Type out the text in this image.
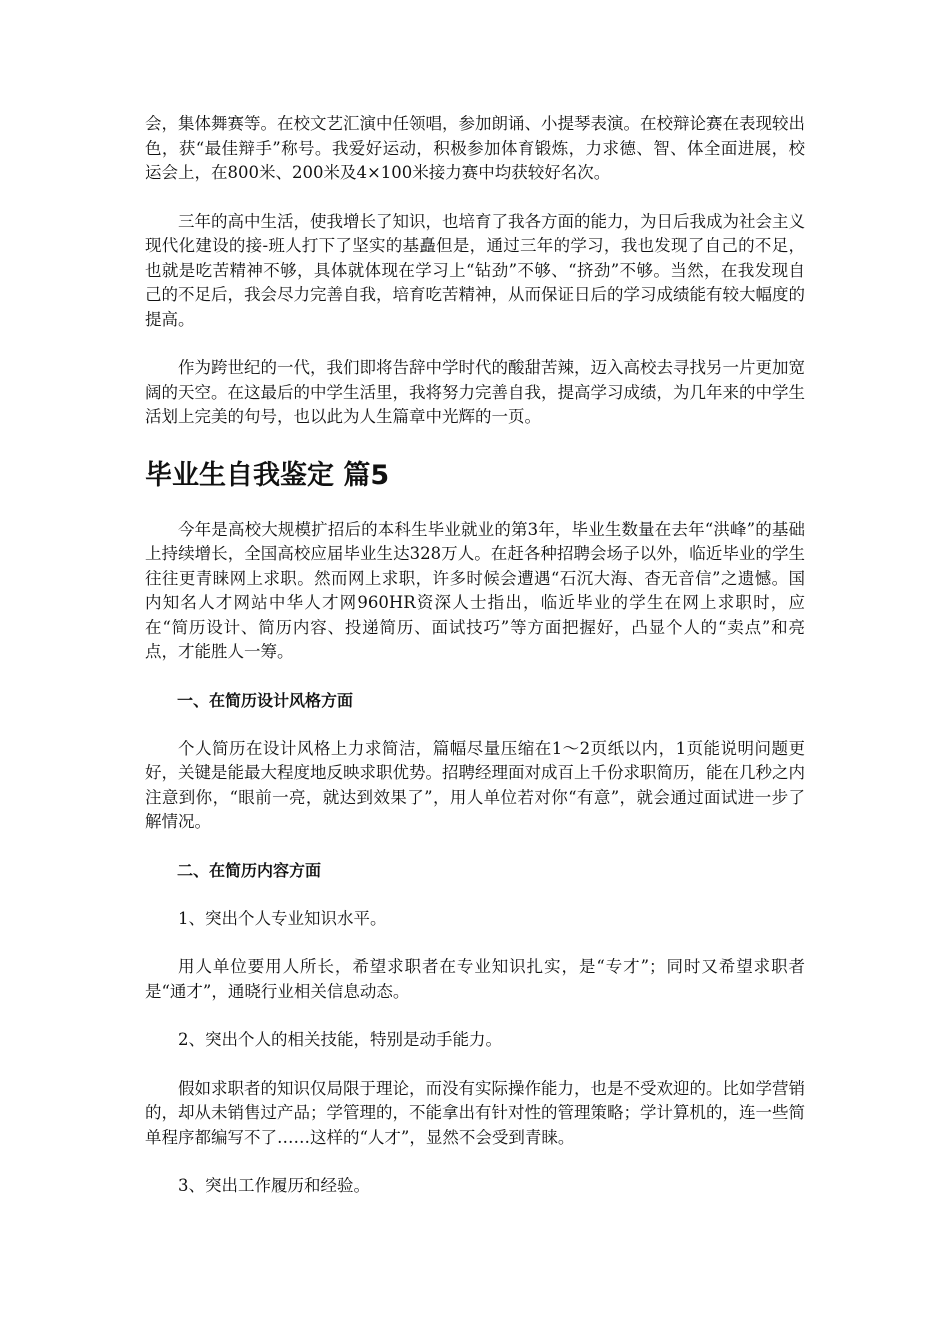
会，集体舞赛等。在校文艺汇演中任领唱，参加朗诵、小提琴表演。在校辩论赛在表现较出色，获“最佳辩手”称号。我爱好运动，积极参加体育锻炼，力求德、智、体全面进展，校运会上，在800米、200米及4×100米接力赛中均获较好名次。

三年的高中生活，使我增长了知识，也培育了我各方面的能力，为日后我成为社会主义现代化建设的接-班人打下了坚实的基矗但是，通过三年的学习，我也发现了自己的不足，也就是吃苦精神不够，具体就体现在学习上“钻劲”不够、“挤劲”不够。当然，在我发现自己的不足后，我会尽力完善自我，培育吃苦精神，从而保证日后的学习成绩能有较大幅度的提高。

作为跨世纪的一代，我们即将告辞中学时代的酸甜苦辣，迈入高校去寻找另一片更加宽阔的天空。在这最后的中学生活里，我将努力完善自我，提高学习成绩，为几年来的中学生活划上完美的句号，也以此为人生篇章中光辉的一页。

毕业生自我鉴定 篇5

今年是高校大规模扩招后的本科生毕业就业的第3年，毕业生数量在去年“洪峰”的基础上持续增长，全国高校应届毕业生达328万人。在赶各种招聘会场子以外，临近毕业的学生往往更青睐网上求职。然而网上求职，许多时候会遭遇“石沉大海、杳无音信”之遗憾。国内知名人才网站中华人才网960HR资深人士指出，临近毕业的学生在网上求职时，应在“简历设计、简历内容、投递简历、面试技巧”等方面把握好，凸显个人的“卖点”和亮点，才能胜人一筹。

一、在简历设计风格方面

个人简历在设计风格上力求简洁，篇幅尽量压缩在1～2页纸以内，1页能说明问题更好，关键是能最大程度地反映求职优势。招聘经理面对成百上千份求职简历，能在几秒之内注意到你，“眼前一亮，就达到效果了”，用人单位若对你“有意”，就会通过面试进一步了解情况。

二、在简历内容方面

1、突出个人专业知识水平。

用人单位要用人所长，希望求职者在专业知识扎实，是“专才”；同时又希望求职者是“通才”，通晓行业相关信息动态。

2、突出个人的相关技能，特别是动手能力。

假如求职者的知识仅局限于理论，而没有实际操作能力，也是不受欢迎的。比如学营销的，却从未销售过产品；学管理的，不能拿出有针对性的管理策略；学计算机的，连一些简单程序都编写不了……这样的“人才”，显然不会受到青睐。

3、突出工作履历和经验。
